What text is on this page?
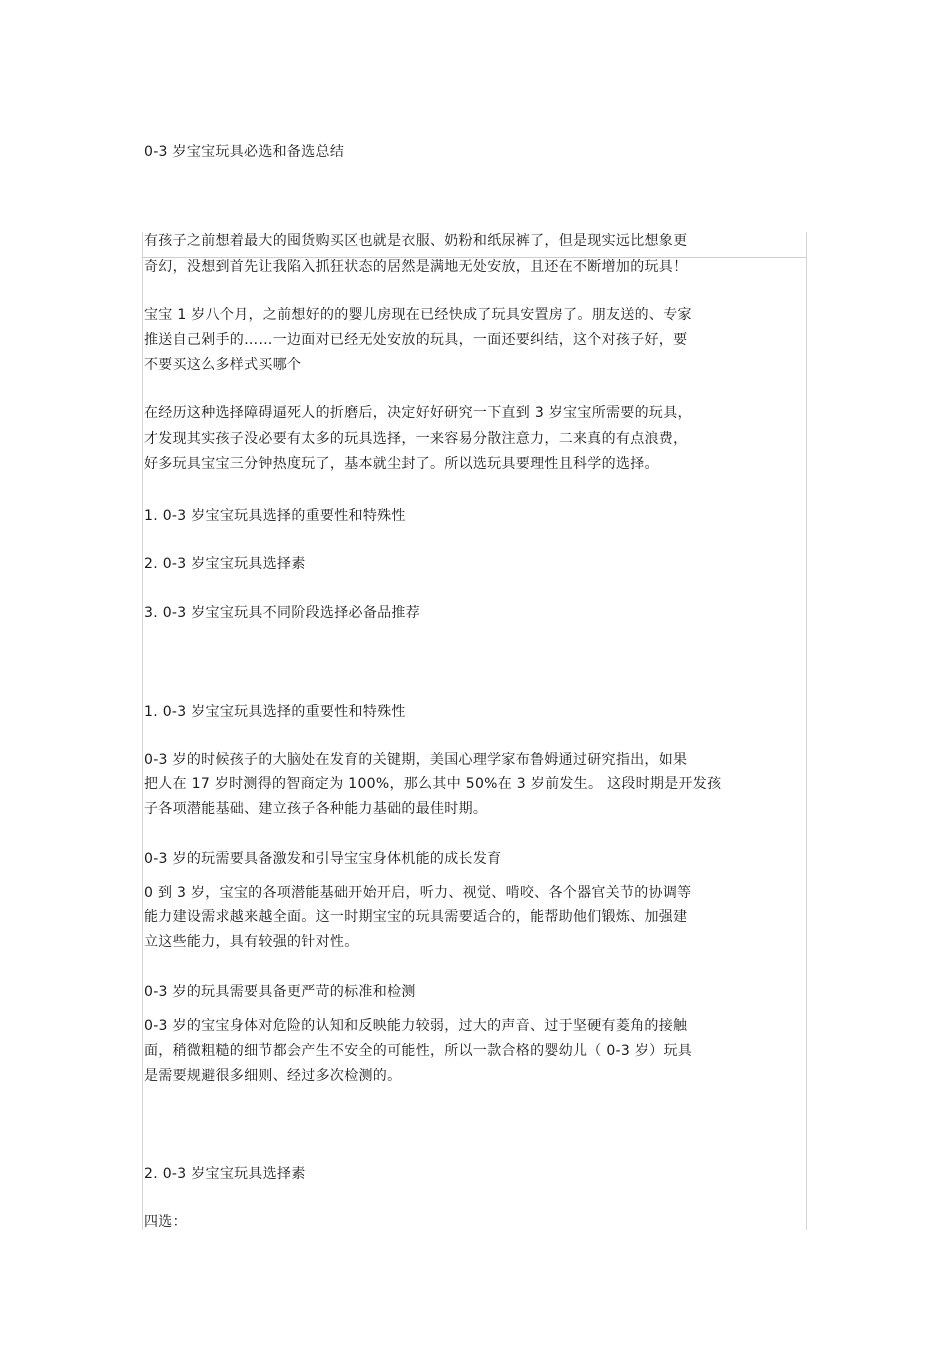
0-3 岁宝宝玩具必选和备选总结
有孩子之前想着最大的囤货购买区也就是衣服、奶粉和纸尿裤了，但是现实远比想象更
奇幻，没想到首先让我陷入抓狂状态的居然是满地无处安放，且还在不断增加的玩具！
宝宝 1 岁八个月，之前想好的的婴儿房现在已经快成了玩具安置房了。朋友送的、专家
推送自己剁手的……一边面对已经无处安放的玩具，一面还要纠结，这个对孩子好，要
不要买这么多样式买哪个
在经历这种选择障碍逼死人的折磨后，决定好好研究一下直到 3 岁宝宝所需要的玩具，
才发现其实孩子没必要有太多的玩具选择，一来容易分散注意力，二来真的有点浪费，
好多玩具宝宝三分钟热度玩了，基本就尘封了。所以选玩具要理性且科学的选择。
1. 0-3 岁宝宝玩具选择的重要性和特殊性
2. 0-3 岁宝宝玩具选择素
3. 0-3 岁宝宝玩具不同阶段选择必备品推荐
1. 0-3 岁宝宝玩具选择的重要性和特殊性
0-3 岁的时候孩子的大脑处在发育的关键期，美国心理学家布鲁姆通过研究指出，如果
把人在 17 岁时测得的智商定为 100%，那么其中 50%在 3 岁前发生。 这段时期是开发孩
子各项潜能基础、建立孩子各种能力基础的最佳时期。
0-3 岁的玩需要具备激发和引导宝宝身体机能的成长发育
0 到 3 岁，宝宝的各项潜能基础开始开启，听力、视觉、啃咬、各个器官关节的协调等
能力建设需求越来越全面。这一时期宝宝的玩具需要适合的，能帮助他们锻炼、加强建
立这些能力，具有较强的针对性。
0-3 岁的玩具需要具备更严苛的标准和检测
0-3 岁的宝宝身体对危险的认知和反映能力较弱，过大的声音、过于坚硬有菱角的接触
面，稍微粗糙的细节都会产生不安全的可能性，所以一款合格的婴幼儿（ 0-3 岁）玩具
是需要规避很多细则、经过多次检测的。
2. 0-3 岁宝宝玩具选择素
四选：
